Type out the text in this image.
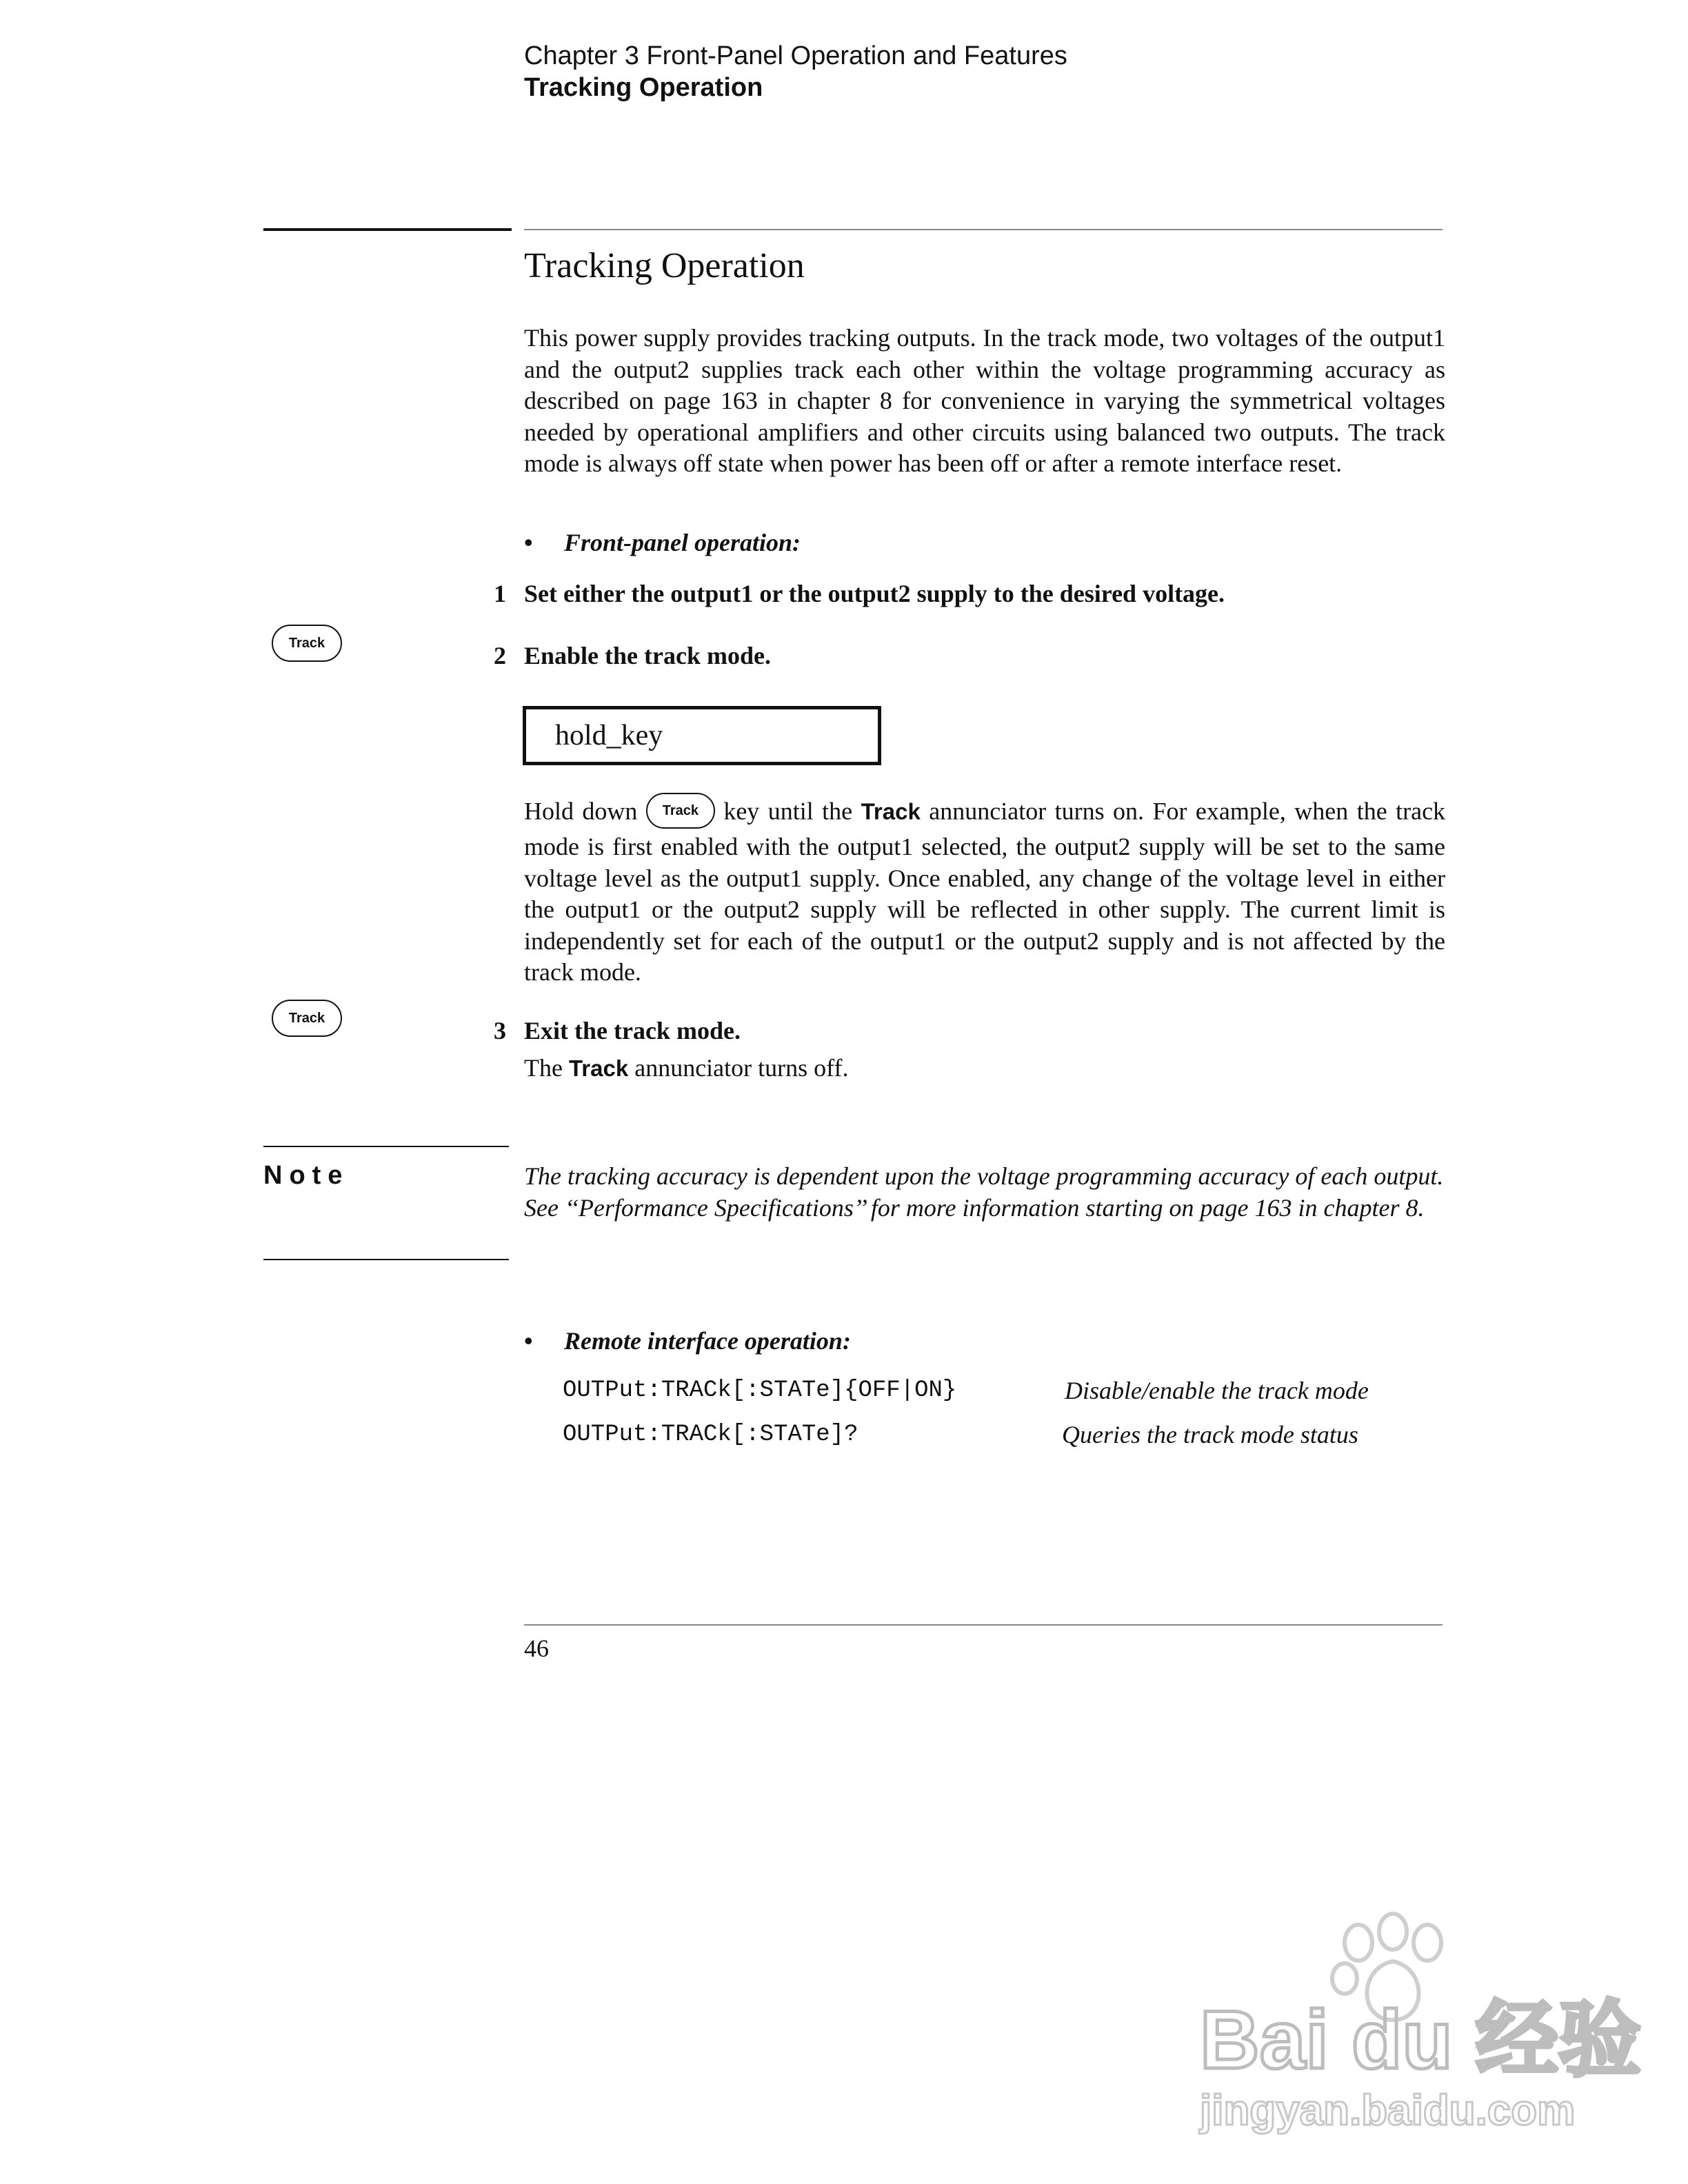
Chapter 3 Front-Panel Operation and Features
Tracking Operation
Tracking Operation
This power supply provides tracking outputs. In the track mode, two voltages of the output1 and the output2 supplies track each other within the voltage programming accuracy as described on page 163 in chapter 8 for convenience in varying the symmetrical voltages needed by operational amplifiers and other circuits using balanced two outputs. The track mode is always off state when power has been off or after a remote interface reset.
• Front-panel operation:
1 Set either the output1 or the output2 supply to the desired voltage.
Track	2 Enable the track mode.
hold_key
Hold down Track key until the Track annunciator turns on. For example, when the track mode is first enabled with the output1 selected, the output2 supply will be set to the same voltage level as the output1 supply. Once enabled, any change of the voltage level in either the output1 or the output2 supply will be reflected in other supply. The current limit is independently set for each of the output1 or the output2 supply and is not affected by the track mode.
Track	3 Exit the track mode.
The Track annunciator turns off.
Note	The tracking accuracy is dependent upon the voltage programming accuracy of each output. See ‘‘Performance Specifications’’ for more information starting on page 163 in chapter 8.
• Remote interface operation:
OUTPut:TRACk[:STATe]{OFF|ON}	Disable/enable the track mode
OUTPut:TRACk[:STATe]?	Queries the track mode status
46
Bai du 经验
jingyan.baidu.com
